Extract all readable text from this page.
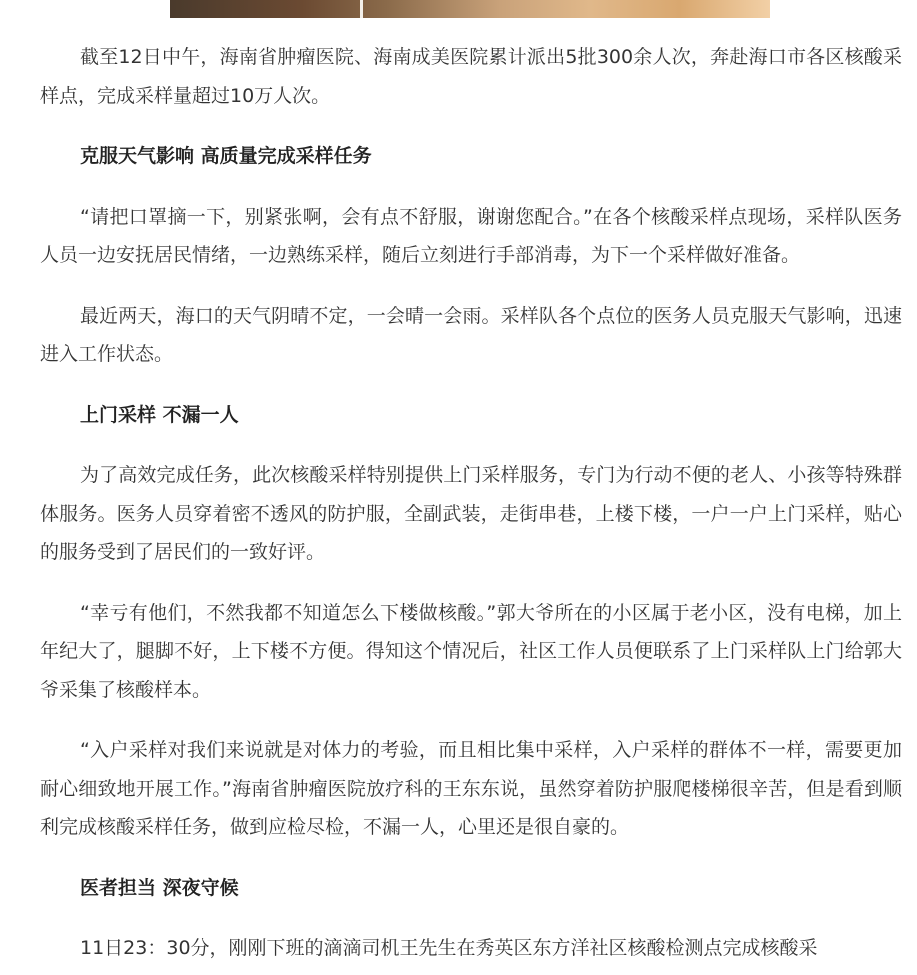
截至12日中午，海南省肿瘤医院、海南成美医院累计派出5批300余人次，奔赴海口市各区核酸采样点，完成采样量超过10万人次。

克服天气影响 高质量完成采样任务

“请把口罩摘一下，别紧张啊，会有点不舒服，谢谢您配合。”在各个核酸采样点现场，采样队医务人员一边安抚居民情绪，一边熟练采样，随后立刻进行手部消毒，为下一个采样做好准备。

最近两天，海口的天气阴晴不定，一会晴一会雨。采样队各个点位的医务人员克服天气影响，迅速进入工作状态。

上门采样 不漏一人

为了高效完成任务，此次核酸采样特别提供上门采样服务，专门为行动不便的老人、小孩等特殊群体服务。医务人员穿着密不透风的防护服，全副武装，走街串巷，上楼下楼，一户一户上门采样，贴心的服务受到了居民们的一致好评。

“幸亏有他们，不然我都不知道怎么下楼做核酸。”郭大爷所在的小区属于老小区，没有电梯，加上年纪大了，腿脚不好，上下楼不方便。得知这个情况后，社区工作人员便联系了上门采样队上门给郭大爷采集了核酸样本。

“入户采样对我们来说就是对体力的考验，而且相比集中采样，入户采样的群体不一样，需要更加耐心细致地开展工作。”海南省肿瘤医院放疗科的王东东说，虽然穿着防护服爬楼梯很辛苦，但是看到顺利完成核酸采样任务，做到应检尽检，不漏一人，心里还是很自豪的。

医者担当 深夜守候

11日23：30分，刚刚下班的滴滴司机王先生在秀英区东方洋社区核酸检测点完成核酸采
